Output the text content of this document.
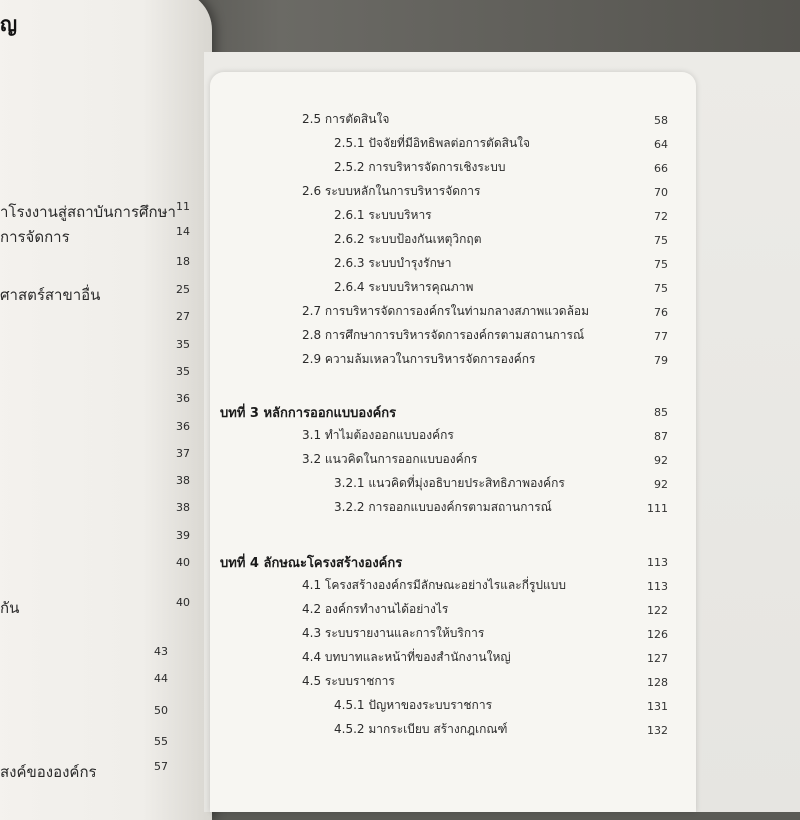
ญ
าโรงงานสู่สถาบันการศึกษา 11
การจัดการ	14
18
ศาสตร์สาขาอื่น	25
27
35
35
36
36
37
38
38
39
40
กัน	40
43
44
50
55
สงค์ขององค์กร	57
2.5 การตัดสินใจ	58
2.5.1 ปัจจัยที่มีอิทธิพลต่อการตัดสินใจ	64
2.5.2 การบริหารจัดการเชิงระบบ	66
2.6 ระบบหลักในการบริหารจัดการ	70
2.6.1 ระบบบริหาร	72
2.6.2 ระบบป้องกันเหตุวิกฤต	75
2.6.3 ระบบบำรุงรักษา	75
2.6.4 ระบบบริหารคุณภาพ	75
2.7 การบริหารจัดการองค์กรในท่ามกลางสภาพแวดล้อม	76
2.8 การศึกษาการบริหารจัดการองค์กรตามสถานการณ์	77
2.9 ความล้มเหลวในการบริหารจัดการองค์กร	79
บทที่ 3 หลักการออกแบบองค์กร	85
3.1 ทำไมต้องออกแบบองค์กร	87
3.2 แนวคิดในการออกแบบองค์กร	92
3.2.1 แนวคิดที่มุ่งอธิบายประสิทธิภาพองค์กร	92
3.2.2 การออกแบบองค์กรตามสถานการณ์	111
บทที่ 4 ลักษณะโครงสร้างองค์กร	113
4.1 โครงสร้างองค์กรมีลักษณะอย่างไรและกี่รูปแบบ	113
4.2 องค์กรทำงานได้อย่างไร	122
4.3 ระบบรายงานและการให้บริการ	126
4.4 บทบาทและหน้าที่ของสำนักงานใหญ่	127
4.5 ระบบราชการ	128
4.5.1 ปัญหาของระบบราชการ	131
4.5.2 มากระเบียบ สร้างกฎเกณฑ์	132
